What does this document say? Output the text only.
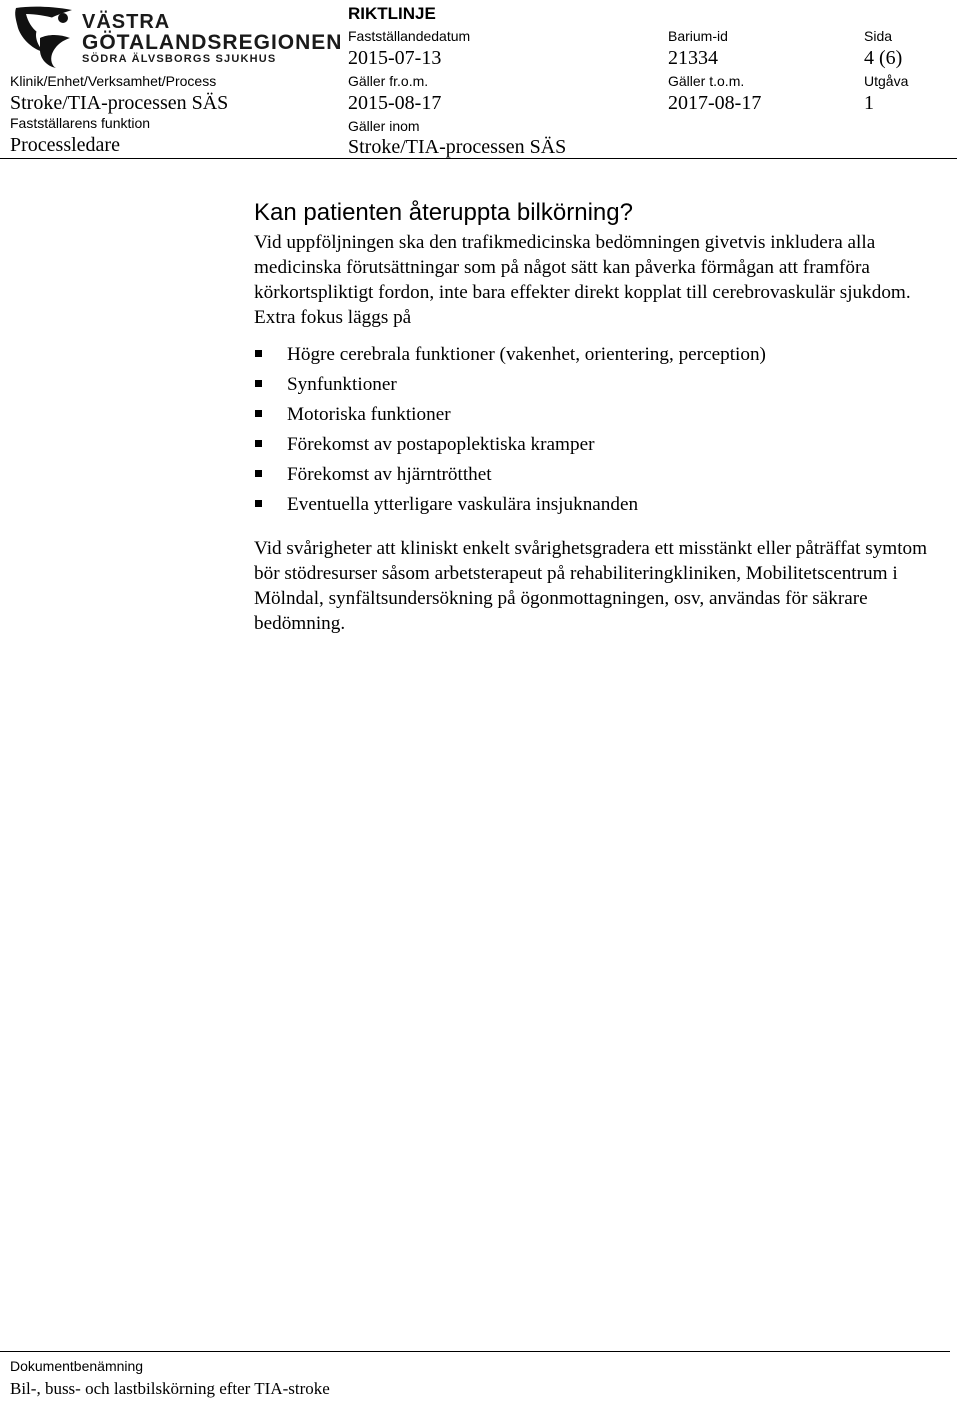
VÄSTRA
GÖTALANDSREGIONEN
SÖDRA ÄLVSBORGS SJUKHUS
RIKTLINJE
Klinik/Enhet/Verksamhet/Process
Stroke/TIA-processen SÄS
Fastställarens funktion
Processledare
Fastställandedatum
2015-07-13
Gäller fr.o.m.
2015-08-17
Gäller inom
Stroke/TIA-processen SÄS
Barium-id
21334
Gäller t.o.m.
2017-08-17
Sida
4 (6)
Utgåva
1
Kan patienten återuppta bilkörning?

Vid uppföljningen ska den trafikmedicinska bedömningen givetvis inkludera alla medicinska förutsättningar som på något sätt kan påverka förmågan att framföra körkortspliktigt fordon, inte bara effekter direkt kopplat till cerebrovaskulär sjukdom. Extra fokus läggs på

Högre cerebrala funktioner (vakenhet, orientering, perception)
Synfunktioner
Motoriska funktioner
Förekomst av postapoplektiska kramper
Förekomst av hjärntrötthet
Eventuella ytterligare vaskulära insjuknanden

Vid svårigheter att kliniskt enkelt svårighetsgradera ett misstänkt eller påträffat symtom bör stödresurser såsom arbetsterapeut på rehabiliteringkliniken, Mobilitetscentrum i Mölndal, synfältsundersökning på ögonmottagningen, osv, användas för säkrare bedömning.

Dokumentbenämning
Bil-, buss- och lastbilskörning efter TIA-stroke
